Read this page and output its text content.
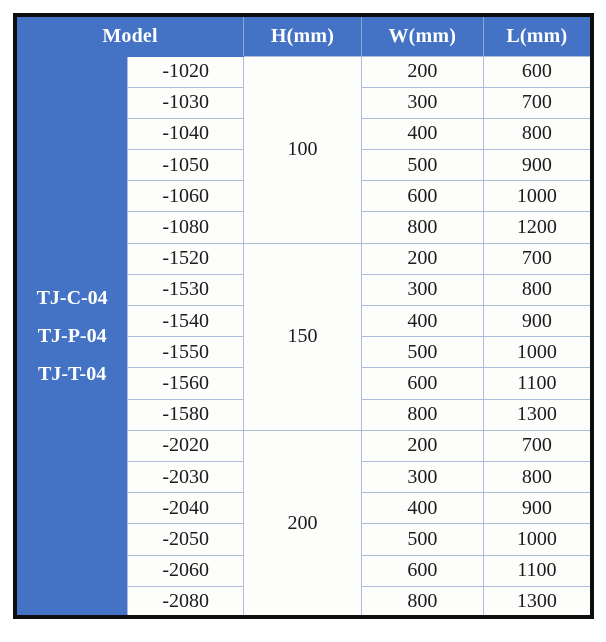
Model		H(mm)	W(mm)	L(mm)

TJ-C-04
TJ-P-04
TJ-T-04	-1020	100	200	600
	-1030		300	700
	-1040		400	800
	-1050		500	900
	-1060		600	1000
	-1080		800	1200
	-1520	150	200	700
	-1530		300	800
	-1540		400	900
	-1550		500	1000
	-1560		600	1100
	-1580		800	1300
	-2020	200	200	700
	-2030		300	800
	-2040		400	900
	-2050		500	1000
	-2060		600	1100
	-2080		800	1300
